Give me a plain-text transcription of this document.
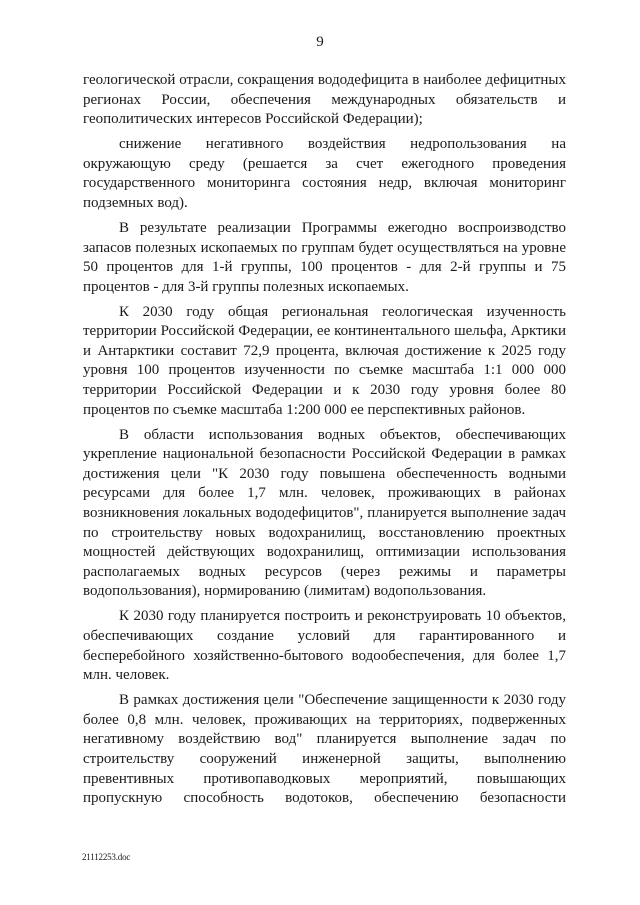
9

геологической отрасли, сокращения вододефицита в наиболее дефицитных регионах России, обеспечения международных обязательств и геополитических интересов Российской Федерации);

снижение негативного воздействия недропользования на окружающую среду (решается за счет ежегодного проведения государственного мониторинга состояния недр, включая мониторинг подземных вод).

В результате реализации Программы ежегодно воспроизводство запасов полезных ископаемых по группам будет осуществляться на уровне 50 процентов для 1-й группы, 100 процентов - для 2-й группы и 75 процентов - для 3-й группы полезных ископаемых.

К 2030 году общая региональная геологическая изученность территории Российской Федерации, ее континентального шельфа, Арктики и Антарктики составит 72,9 процента, включая достижение к 2025 году уровня 100 процентов изученности по съемке масштаба 1:1 000 000 территории Российской Федерации и к 2030 году уровня более 80 процентов по съемке масштаба 1:200 000 ее перспективных районов.

В области использования водных объектов, обеспечивающих укрепление национальной безопасности Российской Федерации в рамках достижения цели "К 2030 году повышена обеспеченность водными ресурсами для более 1,7 млн. человек, проживающих в районах возникновения локальных вододефицитов", планируется выполнение задач по строительству новых водохранилищ, восстановлению проектных мощностей действующих водохранилищ, оптимизации использования располагаемых водных ресурсов (через режимы и параметры водопользования), нормированию (лимитам) водопользования.

К 2030 году планируется построить и реконструировать 10 объектов, обеспечивающих создание условий для гарантированного и бесперебойного хозяйственно-бытового водообеспечения, для более 1,7 млн. человек.

В рамках достижения цели "Обеспечение защищенности к 2030 году более 0,8 млн. человек, проживающих на территориях, подверженных негативному воздействию вод" планируется выполнение задач по строительству сооружений инженерной защиты, выполнению превентивных противопаводковых мероприятий, повышающих пропускную способность водотоков, обеспечению безопасности

21112253.doc
